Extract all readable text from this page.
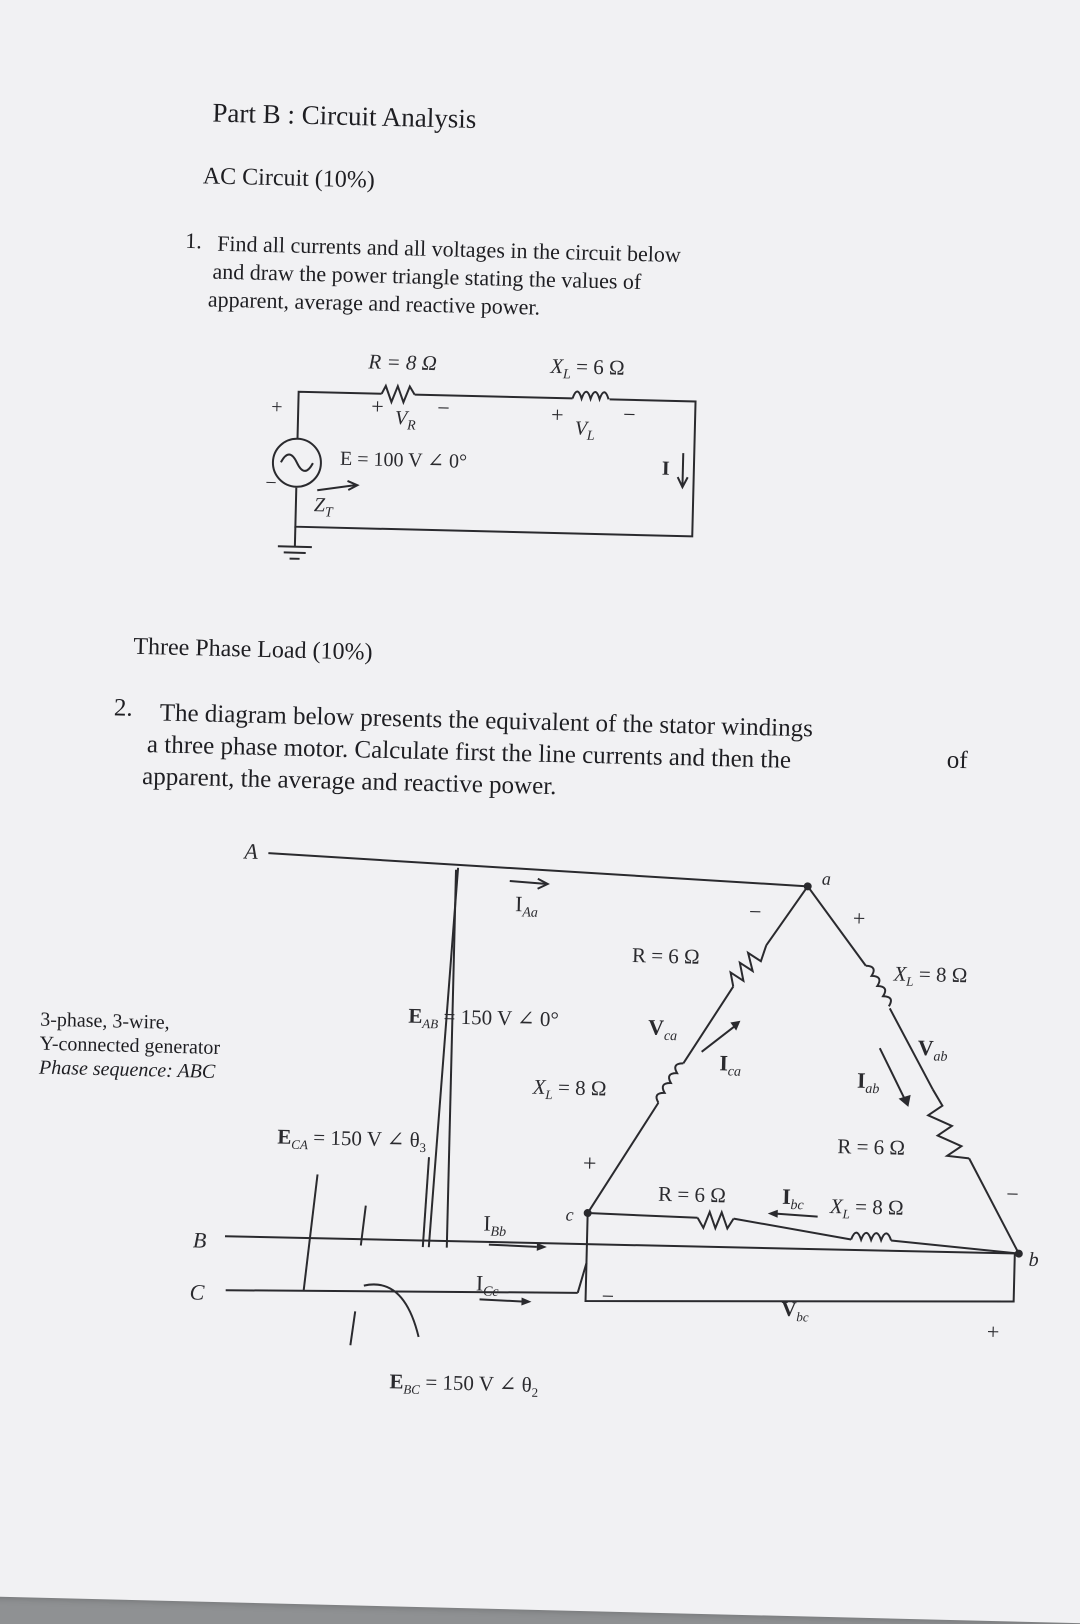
Part B : Circuit Analysis
AC Circuit (10%)
1. Find all currents and all voltages in the circuit below
and draw the power triangle stating the values of
apparent, average and reactive power.
Three Phase Load (10%)
2. The diagram below presents the equivalent of the stator windings
of
a three phase motor. Calculate first the line currents and then the
apparent, the average and reactive power.
R = 8 Ω	$X_L = 6$ Ω
+ $V_R$
−	+
$V_L$
−
+
−
E = 100 V ∠ 0°	I
$Z_T$
A
B
C
a
b
c
$I_{Aa}$
$I_{Bb}$
$I_{Cc}$
$E_{AB} = 150$ V ∠ 0°
$E_{CA} = 150$ V ∠ $\theta_3$
$E_{BC} = 150$ V ∠ $\theta_2$
R = 6 Ω
$X_L = 8$ Ω
$V_{ca}$
$I_{ca}$
$X_L = 8$ Ω
$V_{ab}$
$I_{ab}$
R = 6 Ω
R = 6 Ω	$I_{bc}$ $X_L = 8$ Ω
$V_{bc}$
−	+
+
−
−
+
3-phase, 3-wire,
Y-connected generator
Phase sequence: ABC
